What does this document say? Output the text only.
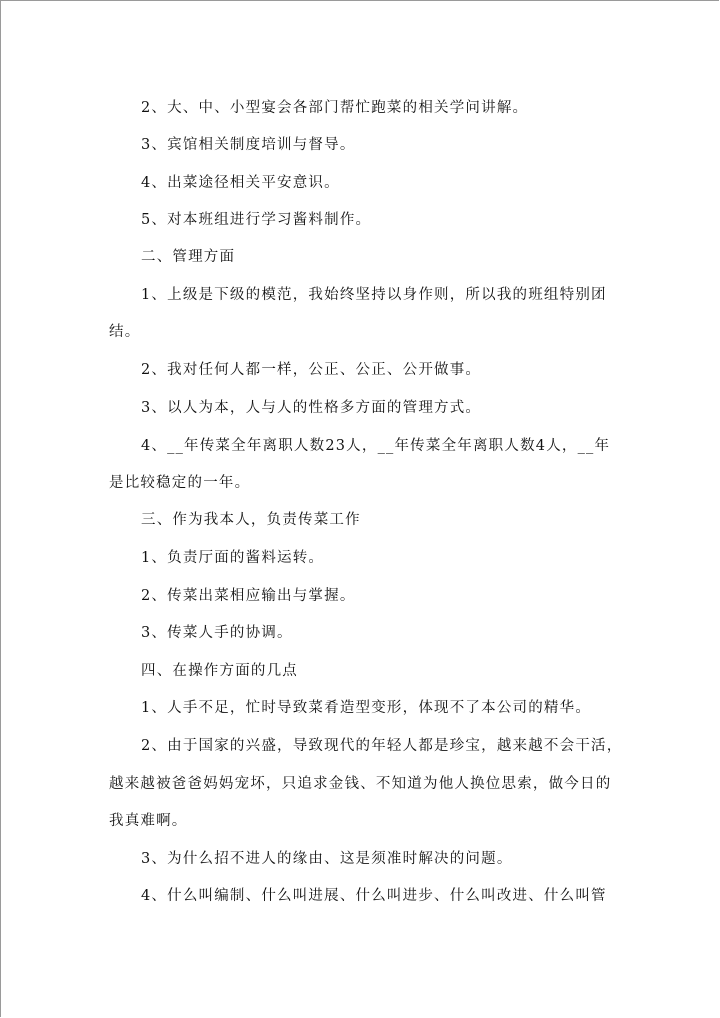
2、大、中、小型宴会各部门帮忙跑菜的相关学问讲解。
3、宾馆相关制度培训与督导。
4、出菜途径相关平安意识。
5、对本班组进行学习酱料制作。
二、管理方面
1、上级是下级的模范，我始终坚持以身作则，所以我的班组特别团
结。
2、我对任何人都一样，公正、公正、公开做事。
3、以人为本，人与人的性格多方面的管理方式。
4、__年传菜全年离职人数23人，__年传菜全年离职人数4人，__年
是比较稳定的一年。
三、作为我本人，负责传菜工作
1、负责厅面的酱料运转。
2、传菜出菜相应输出与掌握。
3、传菜人手的协调。
四、在操作方面的几点
1、人手不足，忙时导致菜肴造型变形，体现不了本公司的精华。
2、由于国家的兴盛，导致现代的年轻人都是珍宝，越来越不会干活，
越来越被爸爸妈妈宠坏，只追求金钱、不知道为他人换位思索，做今日的
我真难啊。
3、为什么招不进人的缘由、这是须准时解决的问题。
4、什么叫编制、什么叫进展、什么叫进步、什么叫改进、什么叫管
